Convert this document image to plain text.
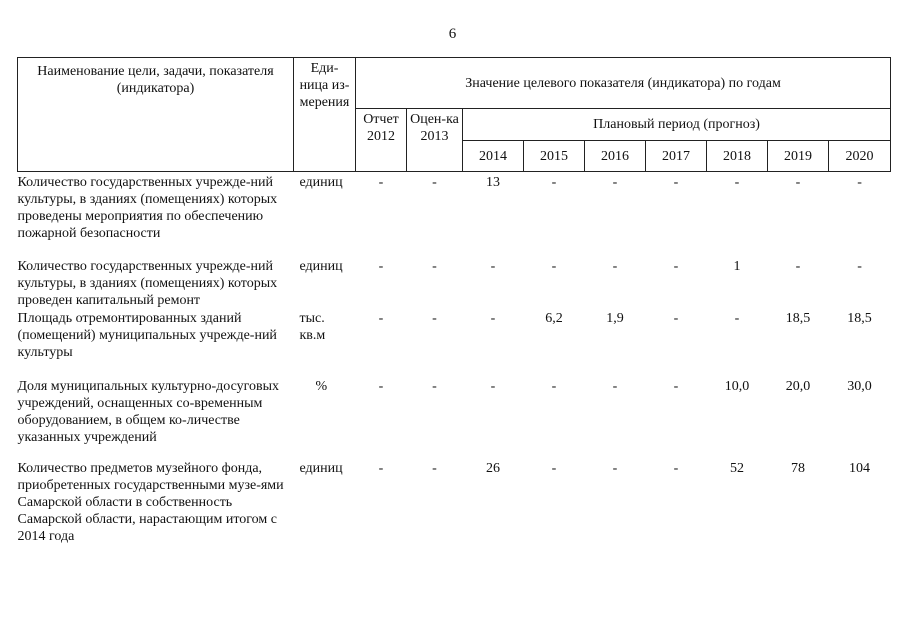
6
Наименование цели, задачи, показателя (индикатора)	Еди-ница из-мерения	Значение целевого показателя (индикатора) по годам								
		Отчет 2012	Оцен-ка 2013	Плановый период (прогноз)						
				2014	2015	2016	2017	2018	2019	2020
Количество государственных учрежде-ний культуры, в зданиях (помещениях) которых проведены мероприятия по обеспечению пожарной безопасности	единиц	-	-	13	-	-	-	-	-	-
Количество государственных учрежде-ний культуры, в зданиях (помещениях) которых проведен капитальный ремонт	единиц	-	-	-	-	-	-	1	-	-
Площадь отремонтированных зданий (помещений) муниципальных учрежде-ний культуры	тыс. кв.м	-	-	-	6,2	1,9	-	-	18,5	18,5
Доля муниципальных культурно-досуговых учреждений, оснащенных со-временным оборудованием, в общем ко-личестве указанных учреждений	%	-	-	-	-	-	-	10,0	20,0	30,0
Количество предметов музейного фонда, приобретенных государственными музе-ями Самарской области в собственность Самарской области, нарастающим итогом с 2014 года	единиц	-	-	26	-	-	-	52	78	104
